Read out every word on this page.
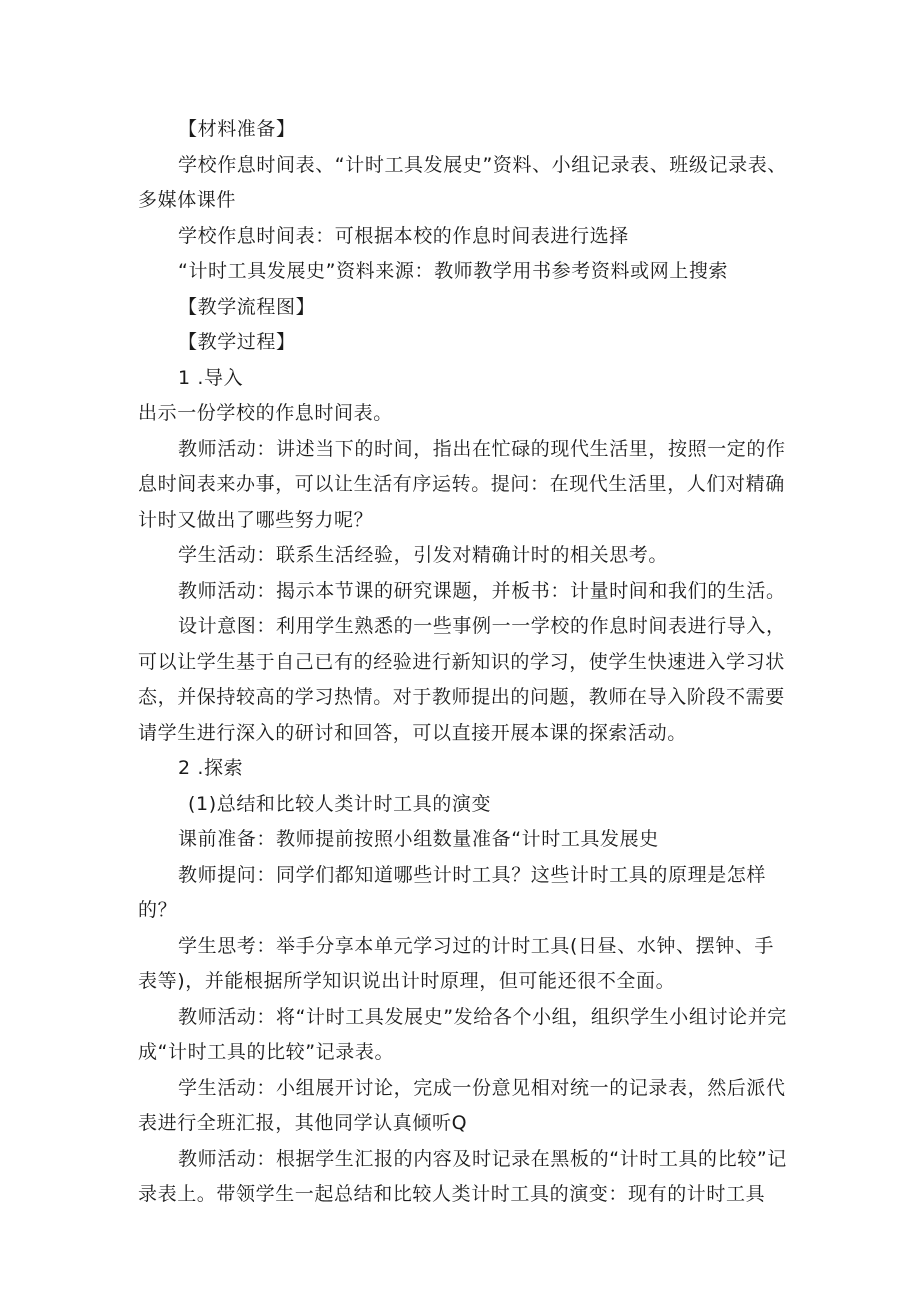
【材料准备】

学校作息时间表、“计时工具发展史”资料、小组记录表、班级记录表、多媒体课件

学校作息时间表：可根据本校的作息时间表进行选择
“计时工具发展史”资料来源：教师教学用书参考资料或网上搜索
【教学流程图】
【教学过程】
1 .导入
出示一份学校的作息时间表。

教师活动：讲述当下的时间，指出在忙碌的现代生活里，按照一定的作息时间表来办事，可以让生活有序运转。提问：在现代生活里，人们对精确计时又做出了哪些努力呢？

学生活动：联系生活经验，引发对精确计时的相关思考。
教师活动：揭示本节课的研究课题，并板书：计量时间和我们的生活。

设计意图：利用学生熟悉的一些事例一一学校的作息时间表进行导入，可以让学生基于自己已有的经验进行新知识的学习，使学生快速进入学习状态，并保持较高的学习热情。对于教师提出的问题，教师在导入阶段不需要请学生进行深入的研讨和回答，可以直接开展本课的探索活动。

2 .探索
(1)总结和比较人类计时工具的演变
课前准备：教师提前按照小组数量准备“计时工具发展史

教师提问：同学们都知道哪些计时工具？这些计时工具的原理是怎样的？

学生思考：举手分享本单元学习过的计时工具(日昼、水钟、摆钟、手表等)，并能根据所学知识说出计时原理，但可能还很不全面。

教师活动：将“计时工具发展史”发给各个小组，组织学生小组讨论并完成“计时工具的比较”记录表。

学生活动：小组展开讨论，完成一份意见相对统一的记录表，然后派代表进行全班汇报，其他同学认真倾听Q

教师活动：根据学生汇报的内容及时记录在黑板的“计时工具的比较”记录表上。带领学生一起总结和比较人类计时工具的演变：现有的计时工具
